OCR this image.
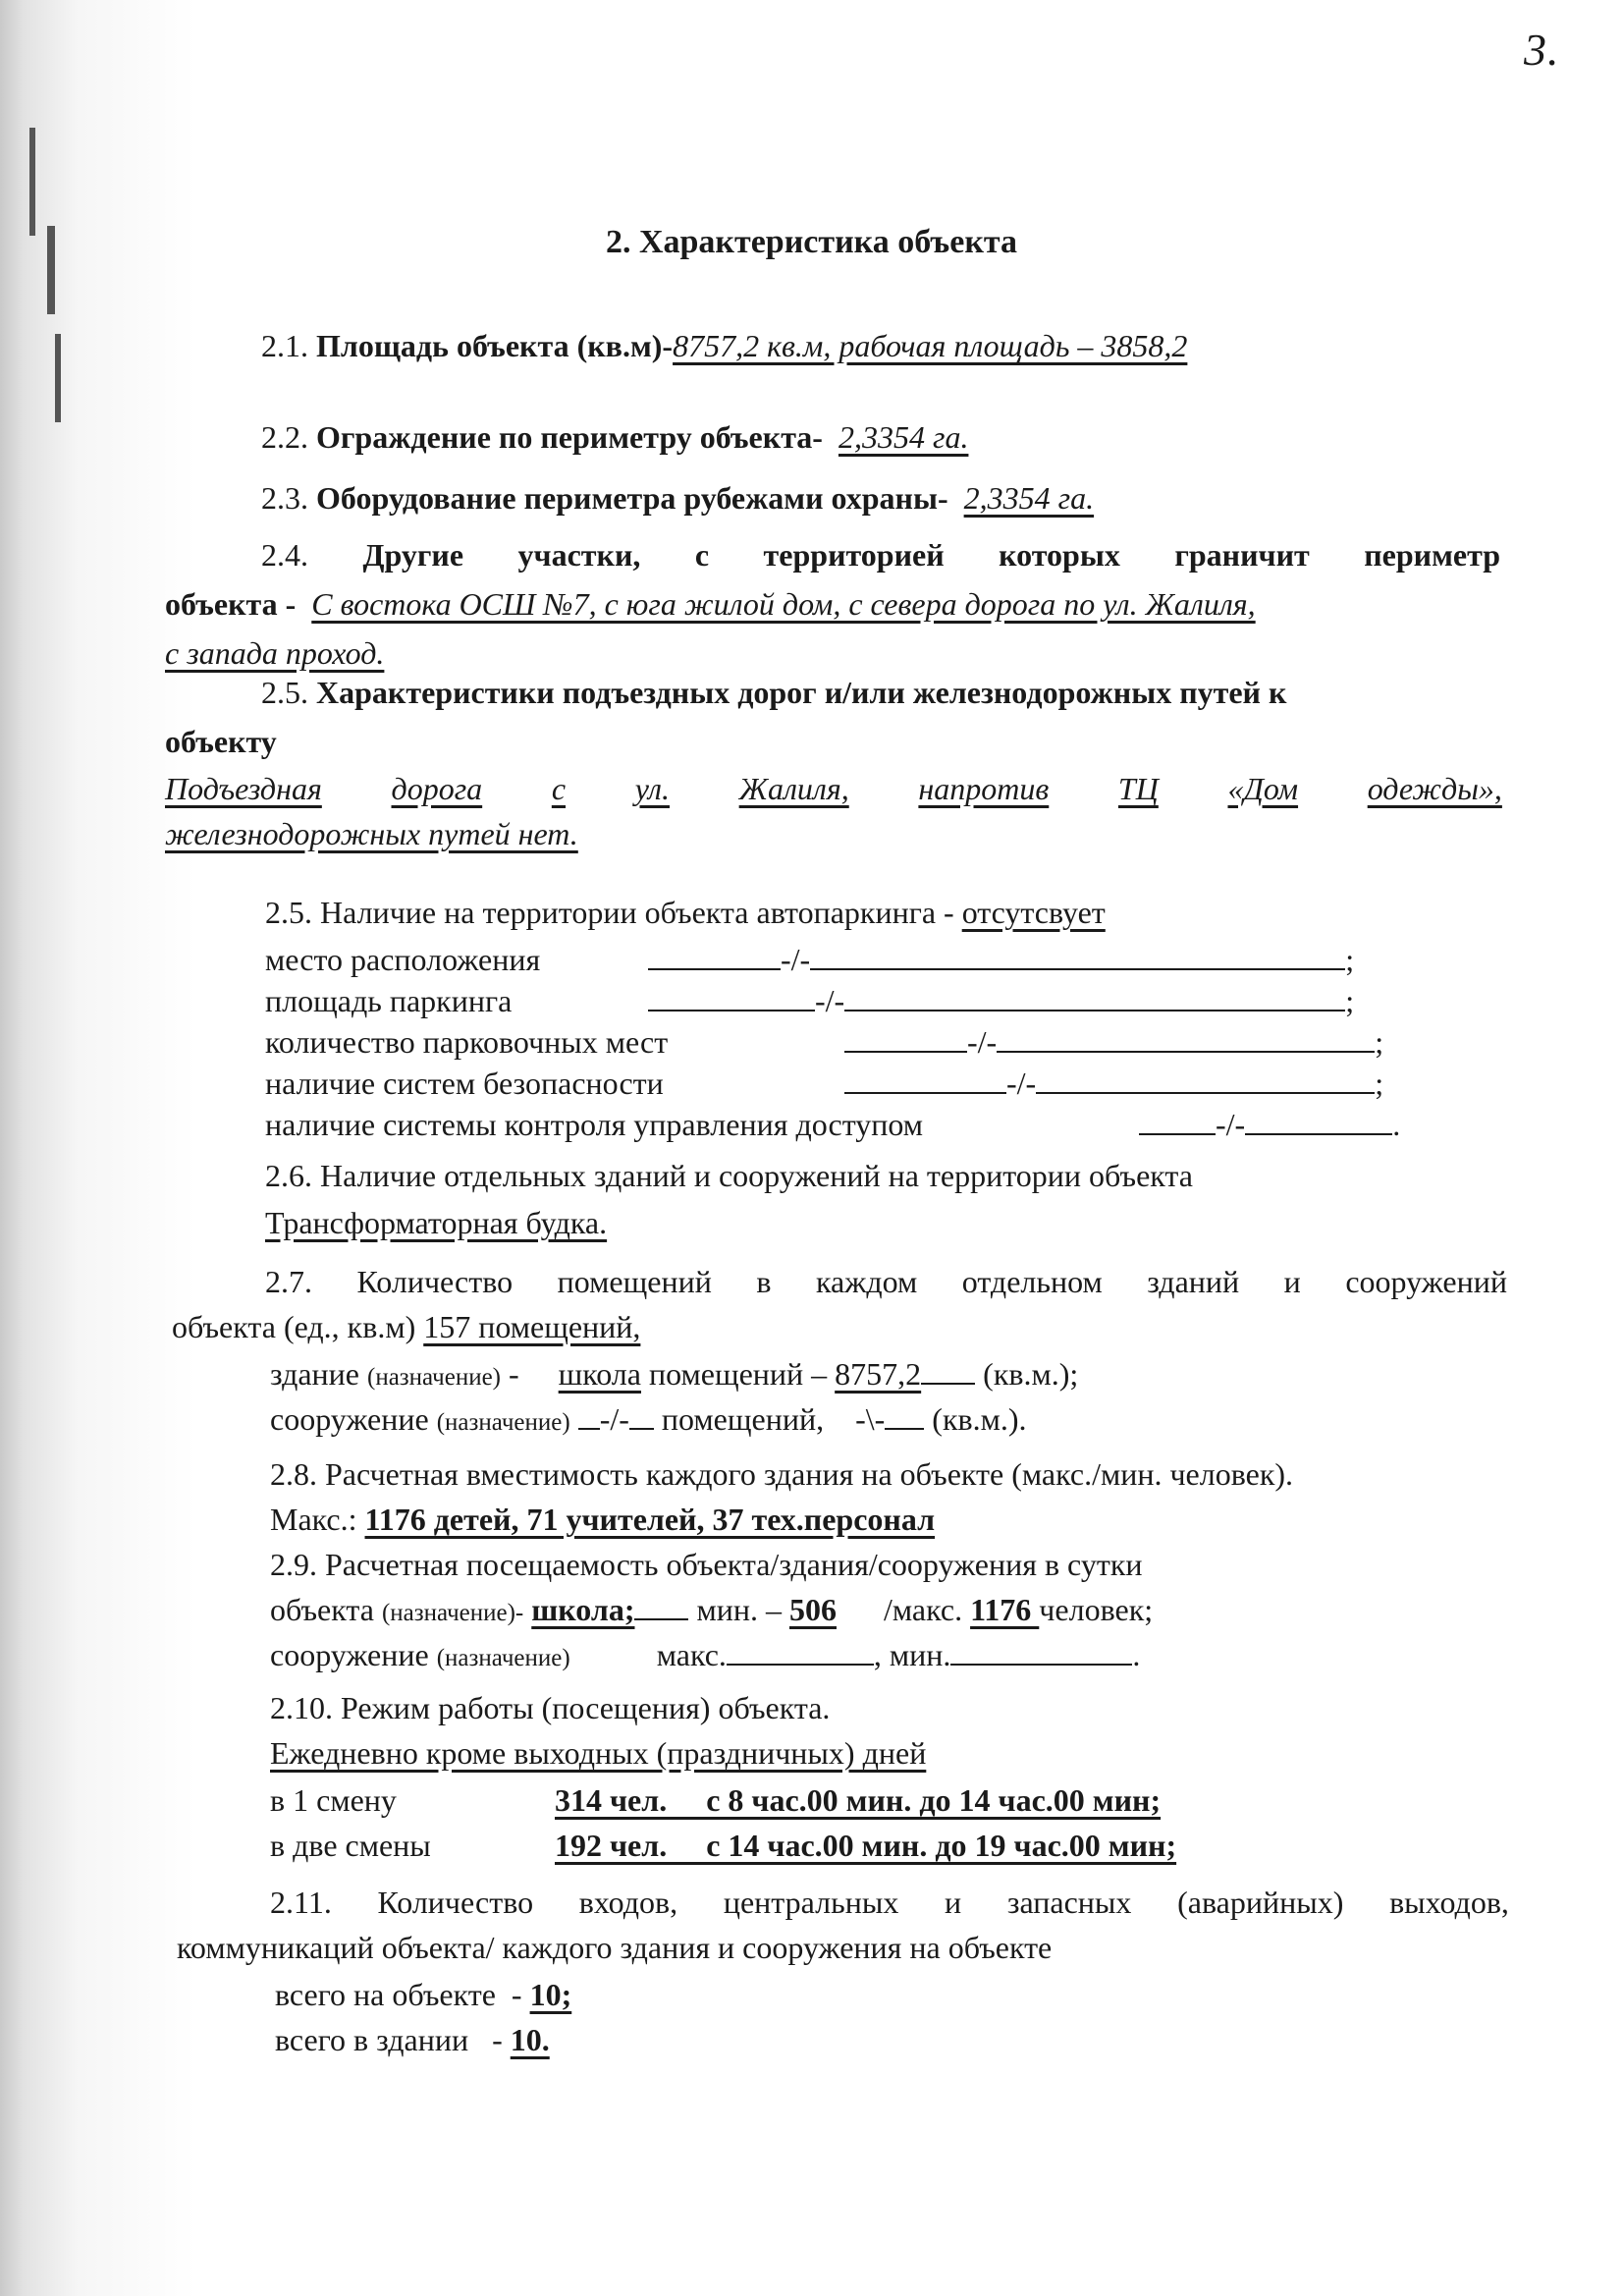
3.
2. Характеристика объекта
2.1. Площадь объекта (кв.м)-8757,2 кв.м, рабочая площадь – 3858,2
2.2. Ограждение по периметру объекта- 2,3354 га.
2.3. Оборудование периметра рубежами охраны- 2,3354 га.
2.4. Другие участки, с территорией которых граничит периметр
объекта - С востока ОСШ №7, с юга жилой дом, с севера дорога по ул. Жалиля,
с запада проход.
2.5. Характеристики подъездных дорог и/или железнодорожных путей к
объекту
Подъездная дорога с ул. Жалиля, напротив ТЦ «Дом одежды»,
железнодорожных путей нет.
2.5. Наличие на территории объекта автопаркинга - отсутсвует
место расположения	-/-	;
площадь паркинга	-/-	;
количество парковочных мест	-/-	;
наличие систем безопасности	-/-	;
наличие системы контроля управления доступом	-/-	.
2.6. Наличие отдельных зданий и сооружений на территории объекта
Трансформаторная будка.
2.7. Количество помещений в каждом отдельном зданий и сооружений
объекта (ед., кв.м) 157 помещений,
здание (назначение) -     школа помещений – 8757,2 (кв.м.);
сооружение (назначение) -/- помещений,    -\- (кв.м.).
2.8. Расчетная вместимость каждого здания на объекте (макс./мин. человек).
Макс.: 1176 детей, 71 учителей, 37 тех.персонал
2.9. Расчетная посещаемость объекта/здания/сооружения в сутки
объекта (назначение)- школа; мин. – 506 /макс. 1176 человек;
сооружение (назначение)	макс.	, мин.	.
2.10. Режим работы (посещения) объекта.
Ежедневно кроме выходных (праздничных) дней
в 1 смену	314 чел.     с 8 час.00 мин. до 14 час.00 мин;
в две смены	192 чел.     с 14 час.00 мин. до 19 час.00 мин;
2.11. Количество входов, центральных и запасных (аварийных) выходов,
коммуникаций объекта/ каждого здания и сооружения на объекте
всего на объекте  - 10;
всего в здании   - 10.
